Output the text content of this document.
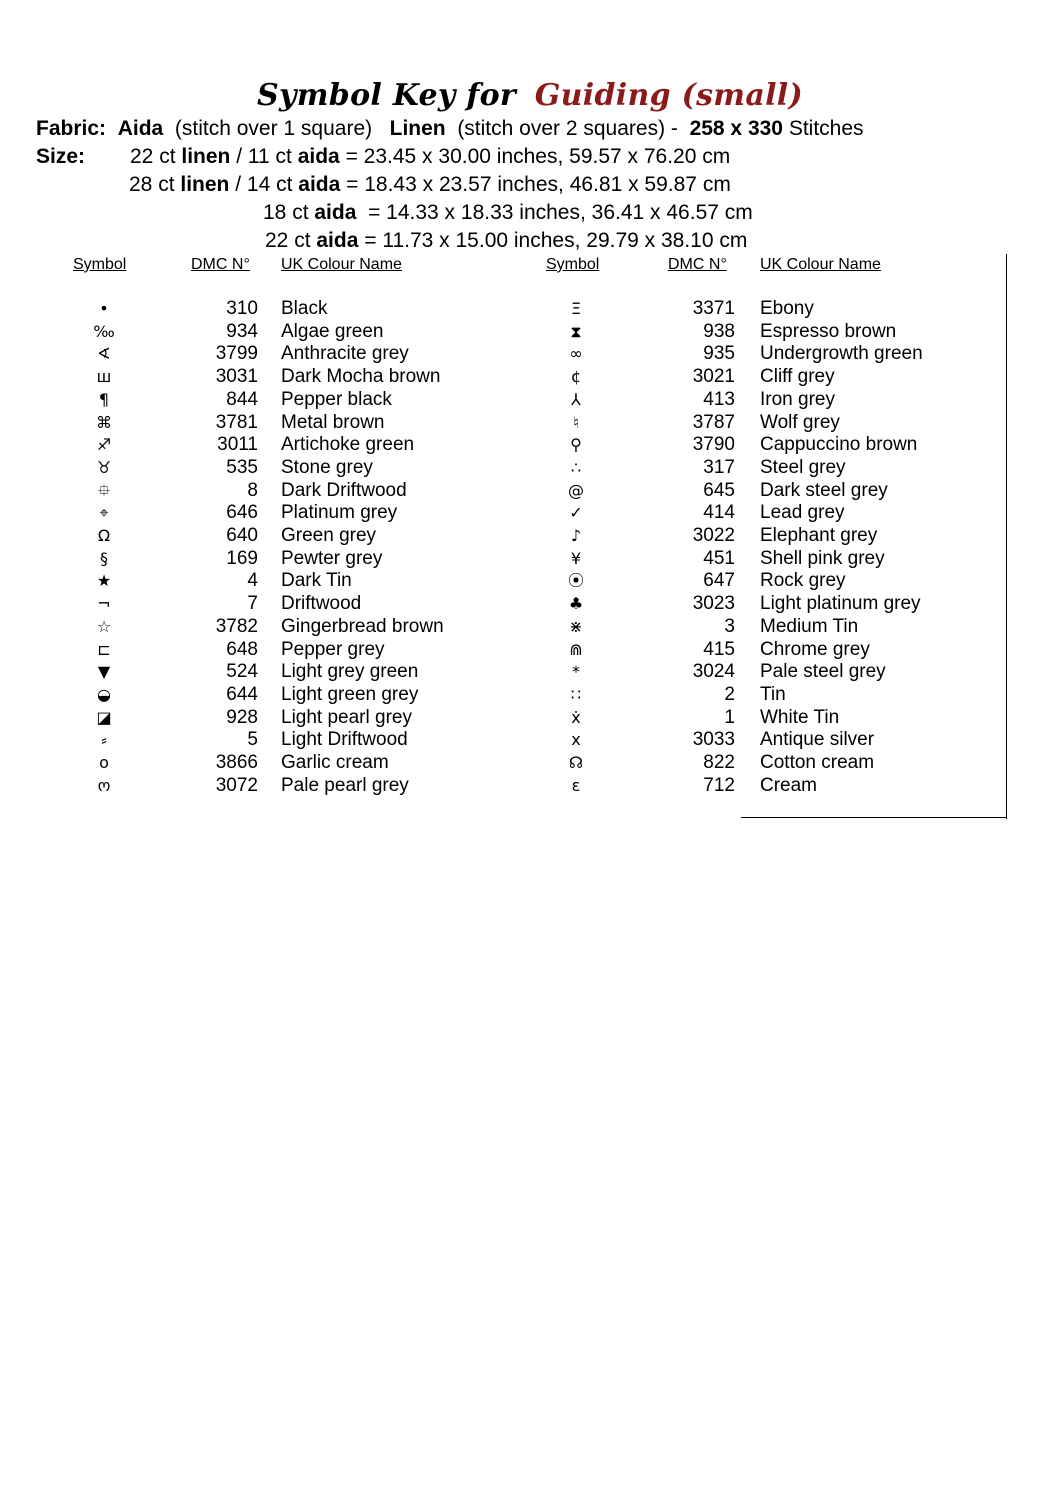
Symbol Key for Guiding (small)
Fabric: Aida (stitch over 1 square) Linen (stitch over 2 squares) - 258 x 330 Stitches
Size: 22 ct linen / 11 ct aida = 23.45 x 30.00 inches, 59.57 x 76.20 cm
28 ct linen / 14 ct aida = 18.43 x 23.57 inches, 46.81 x 59.87 cm
18 ct aida  = 14.33 x 18.33 inches, 36.41 x 46.57 cm
22 ct aida = 11.73 x 15.00 inches, 29.79 x 38.10 cm
Symbol	DMC N° UK Colour Name	Symbol	DMC N° UK Colour Name
•	310 Black
‰	934 Algae green
∢	3799 Anthracite grey
ш	3031 Dark Mocha brown
¶	844 Pepper black
⌘	3781 Metal brown
♐	3011 Artichoke green
♉	535 Stone grey
⯐	8 Dark Driftwood
⌖	646 Platinum grey
Ω	640 Green grey
§	169 Pewter grey
★	4 Dark Tin
¬	7 Driftwood
☆	3782 Gingerbread brown
⊏	648 Pepper grey
▼	524 Light grey green
◒	644 Light green grey
◪	928 Light pearl grey
⸗	5 Light Driftwood
o	3866 Garlic cream
ო	3072 Pale pearl grey
Ξ	3371 Ebony
⧗	938 Espresso brown
∞	935 Undergrowth green
¢	3021 Cliff grey
⅄	413 Iron grey
♮	3787 Wolf grey
⚲	3790 Cappuccino brown
∴	317 Steel grey
@	645 Dark steel grey
✓	414 Lead grey
♪	3022 Elephant grey
¥	451 Shell pink grey
⦿	647 Rock grey
♣	3023 Light platinum grey
⋇	3 Medium Tin
⋒	415 Chrome grey
*	3024 Pale steel grey
∷	2 Tin
ẋ	1 White Tin
x	3033 Antique silver
☊	822 Cotton cream
ε	712 Cream
